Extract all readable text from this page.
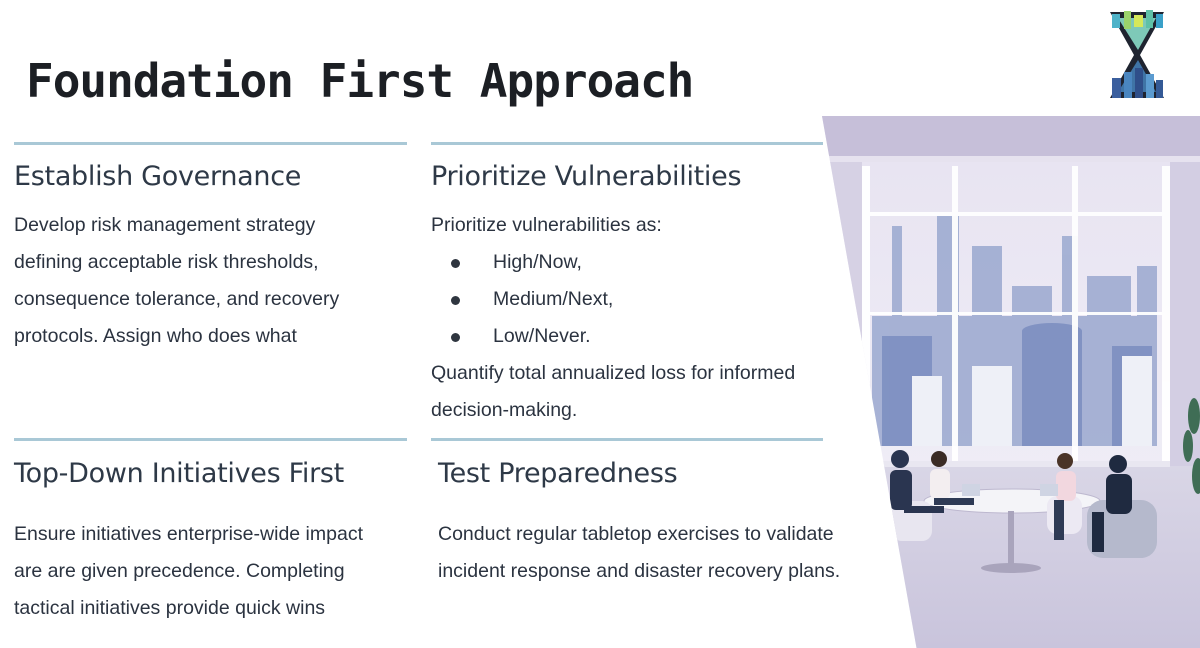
Foundation First Approach
Establish Governance
Develop risk management strategy
defining acceptable risk thresholds,
consequence tolerance, and recovery
protocols. Assign who does what
Prioritize Vulnerabilities
Prioritize vulnerabilities as:
High/Now,
Medium/Next,
Low/Never.
Quantify total annualized loss for informed
decision-making.
Top-Down Initiatives First
Ensure initiatives enterprise-wide impact
are are given precedence. Completing
tactical initiatives provide quick wins
Test Preparedness
Conduct regular tabletop exercises to validate
incident response and disaster recovery plans.
